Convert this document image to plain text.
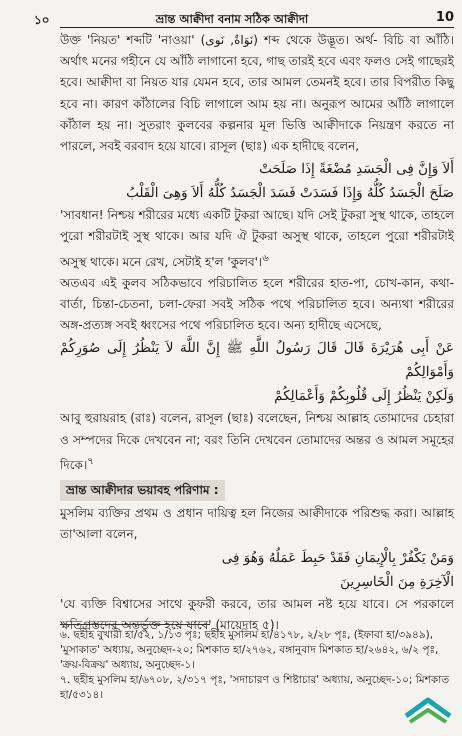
১০	ভ্রান্ত আক্বীদা বনাম সঠিক আক্বীদা	10

উক্ত 'নিয়ত' শব্দটি 'নাওয়া' (نَوَاةٌ, نَوى) শব্দ থেকে উদ্ভূত। অর্থ- বিচি বা আঁঠি। অর্থাৎ মনের গহীনে যে আঁঠি লাগানো হবে, গাছ তারই হবে এবং ফলও সেই গাছেরই হবে। আক্বীদা বা নিয়ত যার যেমন হবে, তার আমল তেমনই হবে। তার বিপরীত কিছু হবে না। কারণ কাঁঠালের বিচি লাগালে আম হয় না। অনুরূপ আমের আঁঠি লাগালে কাঁঠাল হয় না। সুতরাং কুলবের কল্পনার মূল ভিত্তি আক্বীদাকে নিয়ন্ত্রণ করতে না পারলে, সবই বরবাদ হয়ে যাবে। রাসূল (ছাঃ) এক হাদীছে বলেন,

أَلاَ وَإِنَّ فِى الْجَسَدِ مُضْغَةً إِذَا صَلَحَتْ

صَلَحَ الْجَسَدُ كُلُّهُ وَإِذَا فَسَدَتْ فَسَدَ الْجَسَدُ كُلُّهُ أَلاَ وَهِىَ الْقَلْبُ

'সাবধান! নিশ্চয় শরীরের মধ্যে একটি টুকরা আছে। যদি সেই টুকরা সুস্থ থাকে, তাহলে পুরো শরীরটাই সুস্থ থাকে। আর যদি ঐ টুকরা অসুস্থ থাকে, তাহলে পুরো শরীরটাই অসুস্থ থাকে। মনে রেখ, সেটাই হ'ল 'কুলব'।$^৬$

অতএব এই কুলব সঠিকভাবে পরিচালিত হলে শরীরের হাত-পা, চোখ-কান, কথা-বার্তা, চিন্তা-চেতনা, চলা-ফেরা সবই সঠিক পথে পরিচালিত হবে। অন্যথা শরীরের অঙ্গ-প্রত্যঙ্গ সবই ধ্বংসের পথে পরিচালিত হবে। অন্য হাদীছে এসেছে,

عَنْ أَبِى هُرَيْرَةَ قَالَ قَالَ رَسُولُ اللَّهِ ﷺ إِنَّ اللَّهَ لاَ يَنْظُرُ إِلَى صُوَرِكُمْ وَأَمْوَالِكُمْ

وَلَكِنْ يَنْظُرُ إِلَى قُلُوبِكُمْ وَأَعْمَالِكُمْ

আবু হুরায়রাহ (রাঃ) বলেন, রাসূল (ছাঃ) বলেছেন, নিশ্চয় আল্লাহ তোমাদের চেহারা ও সম্পদের দিকে দেখবেন না; বরং তিনি দেখবেন তোমাদের অন্তর ও আমল সমূহের দিকে।$^৭$

ভ্রান্ত আক্বীদার ভয়াবহ পরিণাম :

মুসলিম ব্যক্তির প্রথম ও প্রধান দায়িত্ব হল নিজের আক্বীদাকে পরিশুদ্ধ করা। আল্লাহ তা'আলা বলেন,

وَمَنْ يَكْفُرْ بِالْإِيمَانِ فَقَدْ حَبِطَ عَمَلُهُ وَهُوَ فِى

الْآخِرَةِ مِنَ الْخَاسِرِينَ

'যে ব্যক্তি বিশ্বাসের সাথে কুফরী করবে, তার আমল নষ্ট হয়ে যাবে। সে পরকালে ক্ষতিগ্রস্তদের অন্তর্ভুক্ত হয়ে যাবে' (মায়েদাহ ৫)।

৬. ছহীহ বুখারী হা/৫২, ১/১৩ পৃঃ; ছহীহ মুসলিম হা/৪১৭৮, ২/২৮ পৃঃ, (ইফাবা হা/৩৯৪৯), 'মুসাকাত' অধ্যায়, অনুচ্ছেদ-২০; মিশকাত হা/২৭৬২, বঙ্গানুবাদ মিশকাত হা/২৬৪২, ৬/২ পৃঃ, 'ক্রয়-বিক্রয়' অধ্যায়, অনুচ্ছেদ-১।

৭. ছহীহ মুসলিম হা/৬৭০৮, ২/৩১৭ পৃঃ, 'সদাচারণ ও শিষ্টাচার' অধ্যায়, অনুচ্ছেদ-১০; মিশকাত হা/৫৩১৪।
